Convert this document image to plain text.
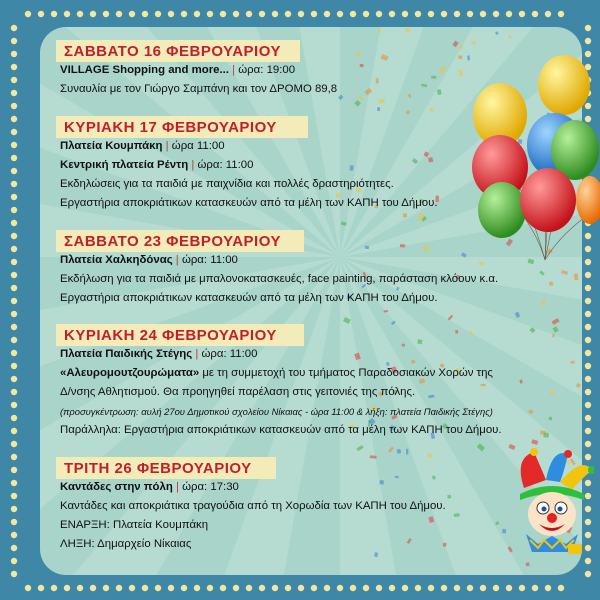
ΣΑΒΒΑΤΟ 16 ΦΕΒΡΟΥΑΡΙΟΥ
VILLAGE Shopping and more... | ώρα: 19:00
Συναυλία με τον Γιώργο Σαμπάνη και τον ΔΡΟΜΟ 89,8
ΚΥΡΙΑΚΗ 17 ΦΕΒΡΟΥΑΡΙΟΥ
Πλατεία Κουμπάκη | ώρα 11:00
Κεντρική πλατεία Ρέντη | ώρα: 11:00
Εκδηλώσεις για τα παιδιά με παιχνίδια και πολλές δραστηριότητες.
Εργαστήρια αποκριάτικων κατασκευών από τα μέλη των ΚΑΠΗ του Δήμου.
ΣΑΒΒΑΤΟ 23 ΦΕΒΡΟΥΑΡΙΟΥ
Πλατεία Χαλκηδόνας | ώρα: 11:00
Εκδήλωση για τα παιδιά με μπαλονοκατασκευές, face painting, παράσταση κλόουν κ.α.
Εργαστήρια αποκριάτικων κατασκευών από τα μέλη των ΚΑΠΗ του Δήμου.
ΚΥΡΙΑΚΗ 24 ΦΕΒΡΟΥΑΡΙΟΥ
Πλατεία Παιδικής Στέγης | ώρα: 11:00
«Αλευρομουτζουρώματα» με τη συμμετοχή του τμήματος Παραδοσιακών Χορών της
Δ/νσης Αθλητισμού. Θα προηγηθεί παρέλαση στις γειτονιές της πόλης.
(προσυγκέντρωση: αυλή 27ου Δημοτικού σχολείου Νίκαιας - ώρα 11:00 & λήξη: πλατεία Παιδικής Στέγης)
Παράλληλα: Εργαστήρια αποκριάτικων κατασκευών από τα μέλη των ΚΑΠΗ του Δήμου.
ΤΡΙΤΗ 26 ΦΕΒΡΟΥΑΡΙΟΥ
Καντάδες στην πόλη | ώρα: 17:30
Καντάδες και αποκριάτικα τραγούδια από τη Χορωδία των ΚΑΠΗ του Δήμου.
ΕΝΑΡΞΗ: Πλατεία Κουμπάκη
ΛΗΞΗ: Δημαρχείο Νίκαιας
